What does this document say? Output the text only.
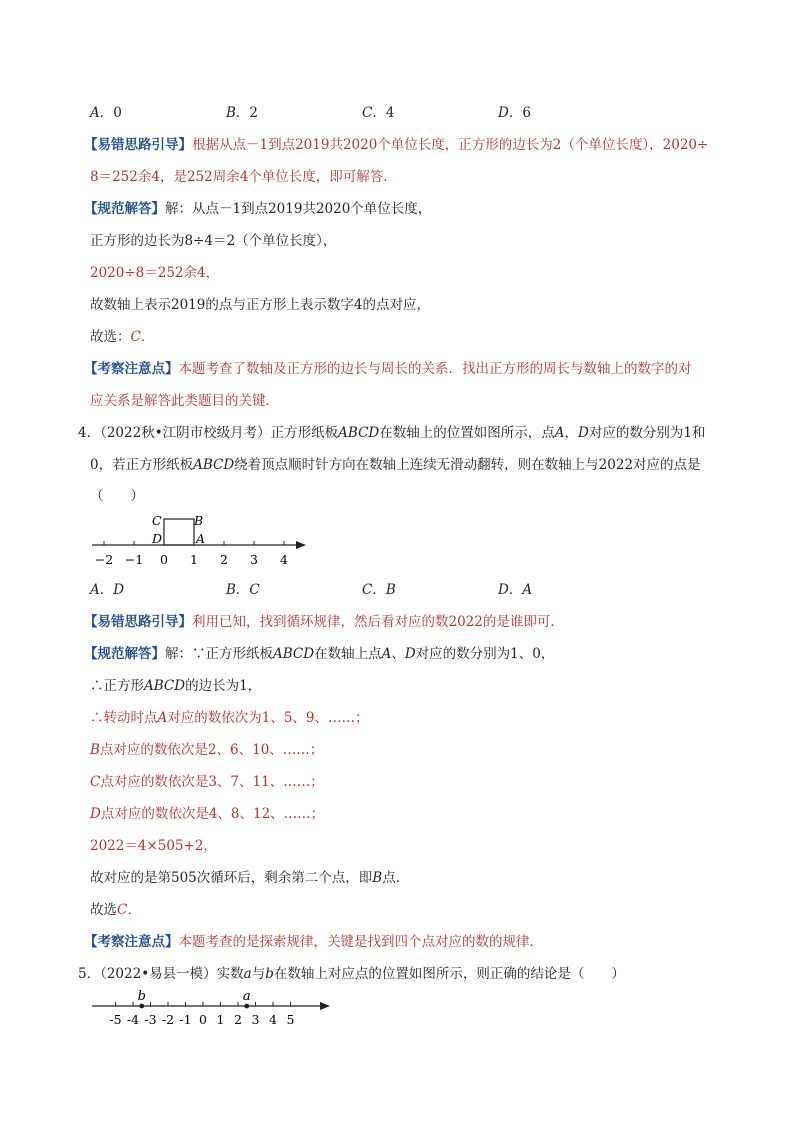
A．0	B．2	C．4	D．6
【易错思路引导】根据从点－1到点2019共2020个单位长度，正方形的边长为2（个单位长度），2020÷
8＝252余4，是252周余4个单位长度，即可解答．
【规范解答】解：从点－1到点2019共2020个单位长度，
正方形的边长为8÷4＝2（个单位长度），
2020÷8＝252余4，
故数轴上表示2019的点与正方形上表示数字4的点对应，
故选：C．
【考察注意点】本题考查了数轴及正方形的边长与周长的关系．找出正方形的周长与数轴上的数字的对
应关系是解答此类题目的关键．
4．（2022秋•江阴市校级月考）正方形纸板ABCD在数轴上的位置如图所示，点A，D对应的数分别为1和
0，若正方形纸板ABCD绕着顶点顺时针方向在数轴上连续无滑动翻转，则在数轴上与2022对应的点是
（　　）
−2 −1 0 1 2 3 4
C	B
D	A
A．D	B．C	C．B	D．A
【易错思路引导】利用已知，找到循环规律，然后看对应的数2022的是谁即可．
【规范解答】解：∵正方形纸板ABCD在数轴上点A、D对应的数分别为1、0，
∴正方形ABCD的边长为1，
∴转动时点A对应的数依次为1、5、9、……；
B点对应的数依次是2、6、10、……；
C点对应的数依次是3、7、11、……；
D点对应的数依次是4、8、12、……；
2022＝4×505+2，
故对应的是第505次循环后，剩余第二个点，即B点．
故选C．
【考察注意点】本题考查的是探索规律，关键是找到四个点对应的数的规律．
5．（2022•易县一模）实数a与b在数轴上对应点的位置如图所示，则正确的结论是（　　）
-5 -4 -3 -2 -1 0 1 2 3 4 5
b	a
